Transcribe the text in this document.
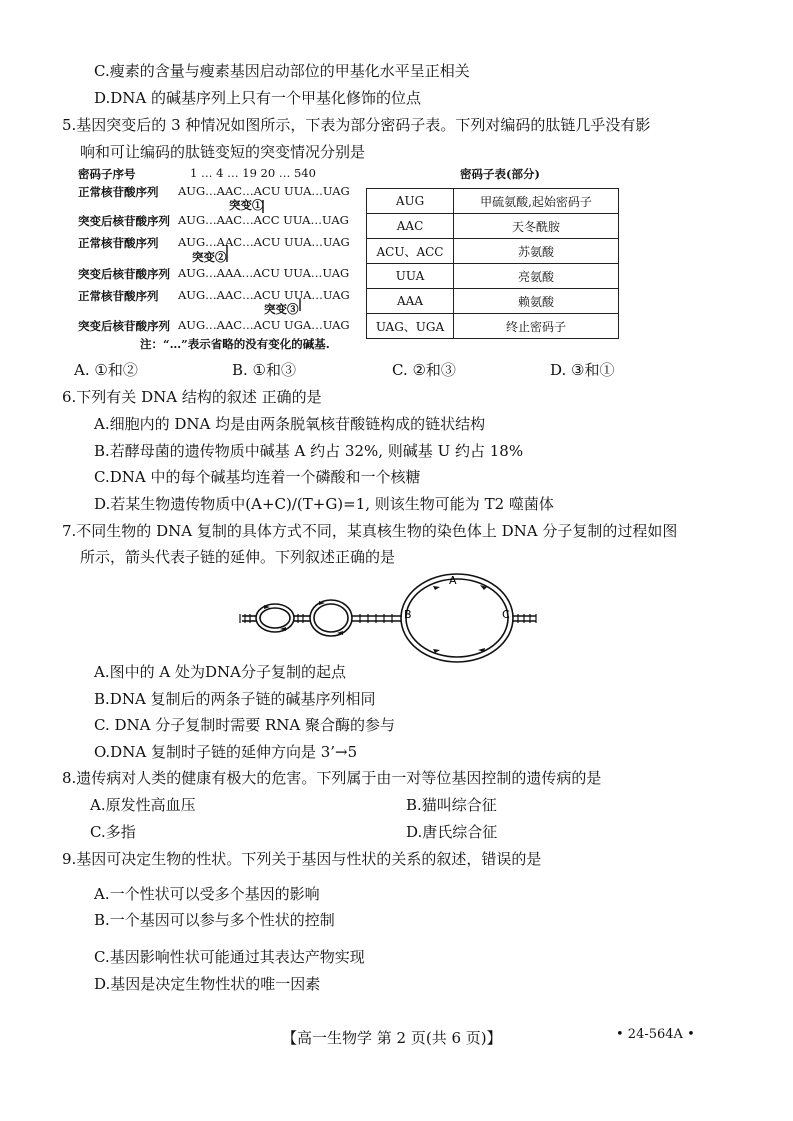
C.瘦素的含量与瘦素基因启动部位的甲基化水平呈正相关
D.DNA 的碱基序列上只有一个甲基化修饰的位点
5.基因突变后的 3 种情况如图所示，下表为部分密码子表。下列对编码的肽链几乎没有影
响和可让编码的肽链变短的突变情况分别是
密码子序号	1 … 4 … 19 20 … 540
正常核苷酸序列 AUG…AAC…ACU UUA…UAG
突变①
突变后核苷酸序列 AUG…AAC…ACC UUA…UAG
正常核苷酸序列 AUG…AAC…ACU UUA…UAG
突变②
突变后核苷酸序列 AUG…AAA…ACU UUA…UAG
正常核苷酸序列 AUG…AAC…ACU UUA…UAG
突变③
突变后核苷酸序列 AUG…AAC…ACU UGA…UAG
注：“…”表示省略的没有变化的碱基.
密码子表(部分)
AUG	甲硫氨酸,起始密码子
AAC	天冬酰胺
ACU、ACC	苏氨酸
UUA	亮氨酸
AAA	赖氨酸
UAG、UGA	终止密码子
A. ①和②	B. ①和③	C. ②和③	D. ③和①
6.下列有关 DNA 结构的叙述 正确的是
A.细胞内的 DNA 均是由两条脱氧核苷酸链构成的链状结构
B.若酵母菌的遗传物质中碱基 A 约占 32%, 则碱基 U 约占 18%
C.DNA 中的每个碱基均连着一个磷酸和一个核糖
D.若某生物遗传物质中(A+C)/(T+G)=1, 则该生物可能为 T2 噬菌体
7.不同生物的 DNA 复制的具体方式不同，某真核生物的染色体上 DNA 分子复制的过程如图
所示，箭头代表子链的延伸。下列叙述正确的是
A
B	C
A.图中的 A 处为DNA分子复制的起点
B.DNA 复制后的两条子链的碱基序列相同
C. DNA 分子复制时需要 RNA 聚合酶的参与
O.DNA 复制时子链的延伸方向是 3’→5
8.遗传病对人类的健康有极大的危害。下列属于由一对等位基因控制的遗传病的是
A.原发性高血压	B.猫叫综合征
C.多指	D.唐氏综合征
9.基因可决定生物的性状。下列关于基因与性状的关系的叙述，错误的是
A.一个性状可以受多个基因的影响
B.一个基因可以参与多个性状的控制
C.基因影响性状可能通过其表达产物实现
D.基因是决定生物性状的唯一因素
【高一生物学 第 2 页(共 6 页)】	• 24-564A •
